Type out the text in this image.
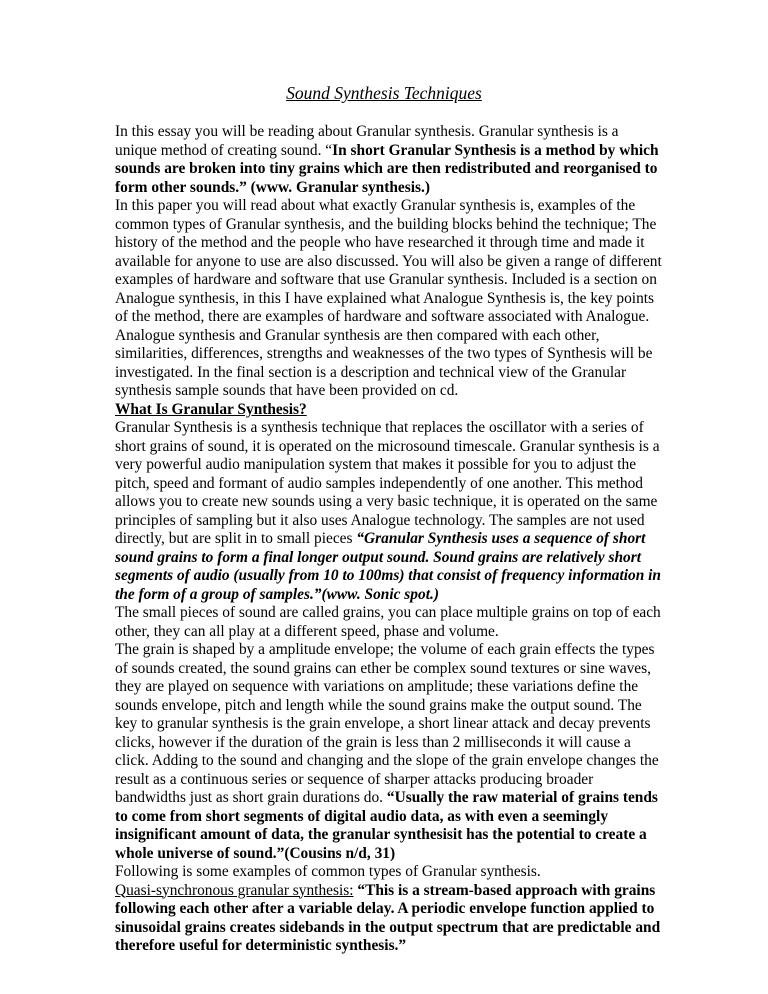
Sound Synthesis Techniques

In this essay you will be reading about Granular synthesis. Granular synthesis is a unique method of creating sound. “In short Granular Synthesis is a method by which sounds are broken into tiny grains which are then redistributed and reorganised to form other sounds.” (www. Granular synthesis.)

In this paper you will read about what exactly Granular synthesis is, examples of the common types of Granular synthesis, and the building blocks behind the technique; The history of the method and the people who have researched it through time and made it available for anyone to use are also discussed. You will also be given a range of different examples of hardware and software that use Granular synthesis. Included is a section on Analogue synthesis, in this I have explained what Analogue Synthesis is, the key points of the method, there are examples of hardware and software associated with Analogue. Analogue synthesis and Granular synthesis are then compared with each other, similarities, differences, strengths and weaknesses of the two types of Synthesis will be investigated. In the final section is a description and technical view of the Granular synthesis sample sounds that have been provided on cd.

What Is Granular Synthesis?

Granular Synthesis is a synthesis technique that replaces the oscillator with a series of short grains of sound, it is operated on the microsound timescale. Granular synthesis is a very powerful audio manipulation system that makes it possible for you to adjust the pitch, speed and formant of audio samples independently of one another. This method allows you to create new sounds using a very basic technique, it is operated on the same principles of sampling but it also uses Analogue technology. The samples are not used directly, but are split in to small pieces “Granular Synthesis uses a sequence of short sound grains to form a final longer output sound. Sound grains are relatively short segments of audio (usually from 10 to 100ms) that consist of frequency information in the form of a group of samples.”(www. Sonic spot.)

The small pieces of sound are called grains, you can place multiple grains on top of each other, they can all play at a different speed, phase and volume.

The grain is shaped by a amplitude envelope; the volume of each grain effects the types of sounds created, the sound grains can ether be complex sound textures or sine waves, they are played on sequence with variations on amplitude; these variations define the sounds envelope, pitch and length while the sound grains make the output sound. The key to granular synthesis is the grain envelope, a short linear attack and decay prevents clicks, however if the duration of the grain is less than 2 milliseconds it will cause a click. Adding to the sound and changing and the slope of the grain envelope changes the result as a continuous series or sequence of sharper attacks producing broader bandwidths just as short grain durations do. “Usually the raw material of grains tends to come from short segments of digital audio data, as with even a seemingly insignificant amount of data, the granular synthesisit has the potential to create a whole universe of sound.”(Cousins n/d, 31)

Following is some examples of common types of Granular synthesis.

Quasi-synchronous granular synthesis: “This is a stream-based approach with grains following each other after a variable delay. A periodic envelope function applied to sinusoidal grains creates sidebands in the output spectrum that are predictable and therefore useful for deterministic synthesis.”
